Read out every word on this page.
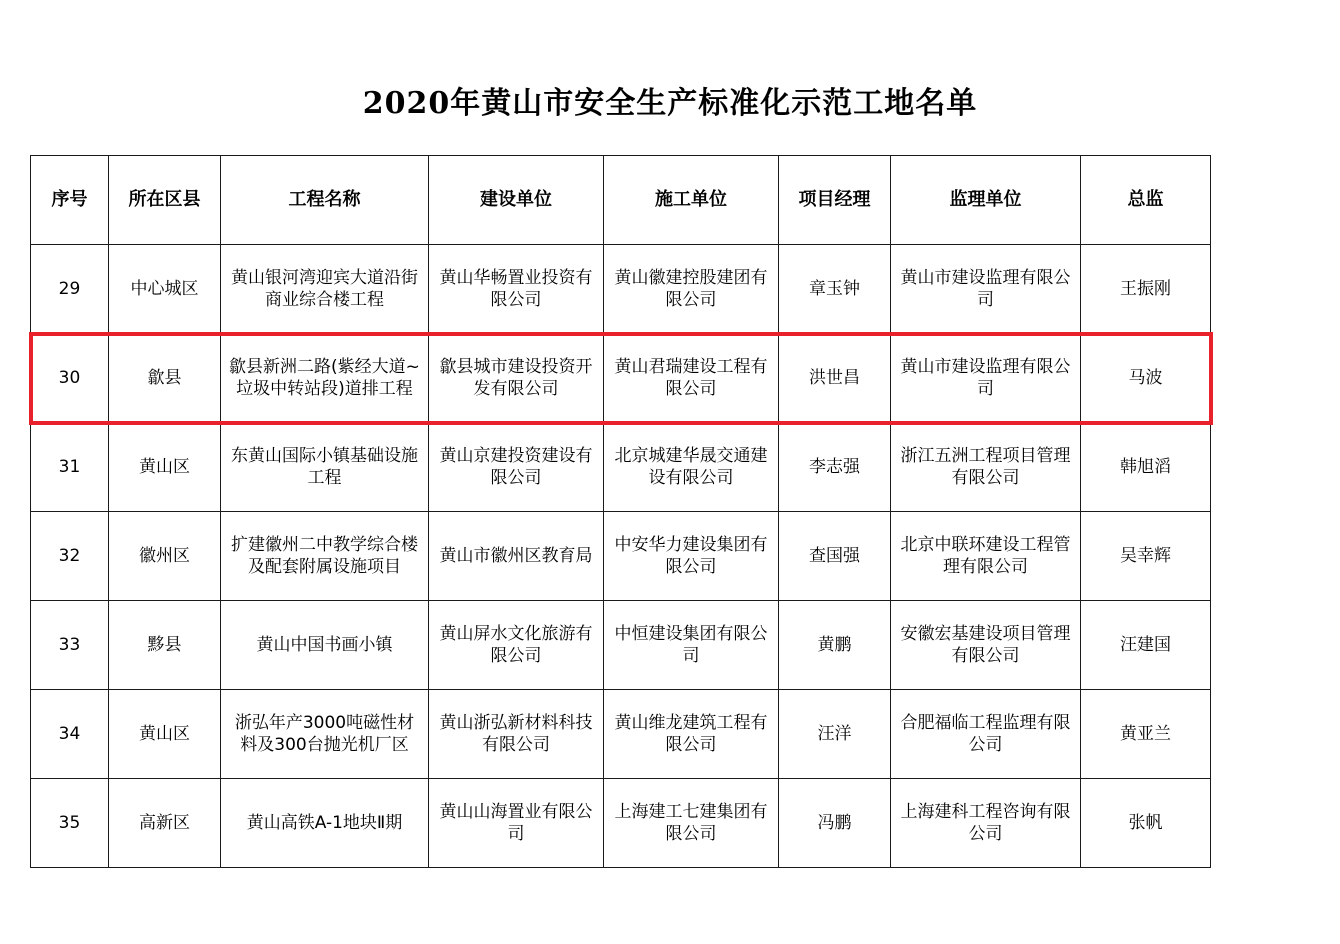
2020年黄山市安全生产标准化示范工地名单
序号	所在区县	工程名称	建设单位	施工单位	项目经理	监理单位	总监
29	中心城区	黄山银河湾迎宾大道沿街商业综合楼工程	黄山华畅置业投资有限公司	黄山徽建控股建团有限公司	章玉钟	黄山市建设监理有限公司	王振刚
30	歙县	歙县新洲二路(紫经大道~垃圾中转站段)道排工程	歙县城市建设投资开发有限公司	黄山君瑞建设工程有限公司	洪世昌	黄山市建设监理有限公司	马波
31	黄山区	东黄山国际小镇基础设施工程	黄山京建投资建设有限公司	北京城建华晟交通建设有限公司	李志强	浙江五洲工程项目管理有限公司	韩旭滔
32	徽州区	扩建徽州二中教学综合楼及配套附属设施项目	黄山市徽州区教育局	中安华力建设集团有限公司	查国强	北京中联环建设工程管理有限公司	吴幸辉
33	黟县	黄山中国书画小镇	黄山屏水文化旅游有限公司	中恒建设集团有限公司	黄鹏	安徽宏基建设项目管理有限公司	汪建国
34	黄山区	浙弘年产3000吨磁性材料及300台抛光机厂区	黄山浙弘新材料科技有限公司	黄山维龙建筑工程有限公司	汪洋	合肥福临工程监理有限公司	黄亚兰
35	高新区	黄山高铁A-1地块Ⅱ期	黄山山海置业有限公司	上海建工七建集团有限公司	冯鹏	上海建科工程咨询有限公司	张帆
